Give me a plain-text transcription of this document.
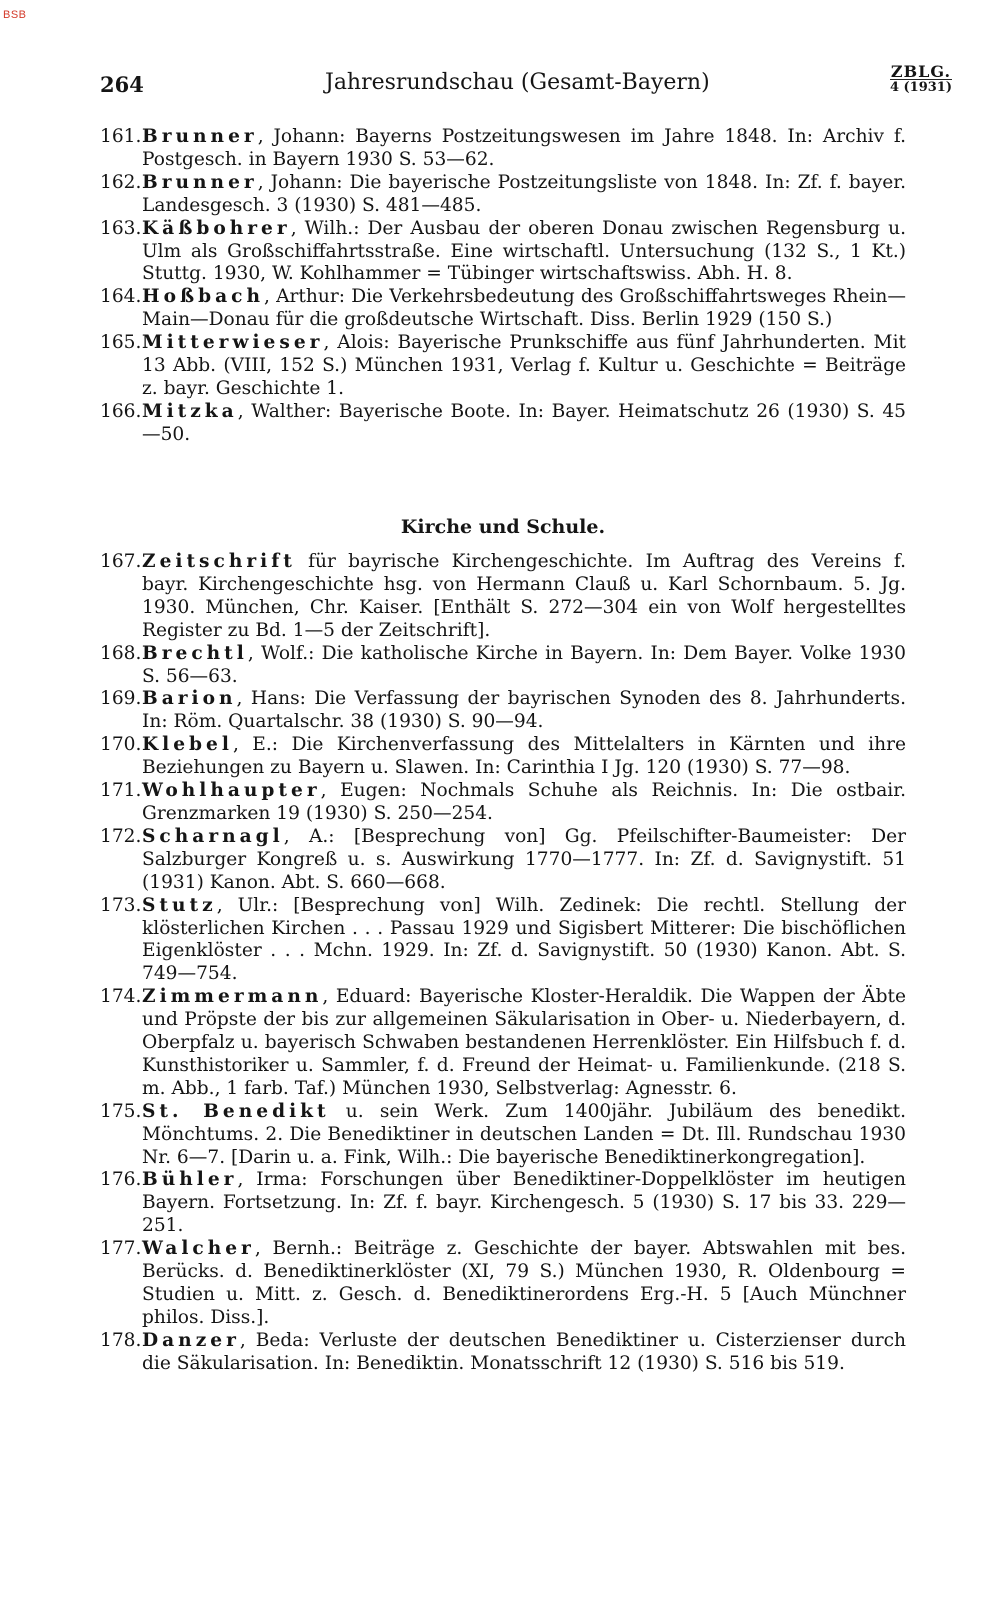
BSB
264	Jahresrundschau (Gesamt-Bayern)	ZBLG.
4 (1931)

161. Brunner, Johann: Bayerns Postzeitungswesen im Jahre 1848. In: Archiv f. Postgesch. in Bayern 1930 S. 53—62.

162. Brunner, Johann: Die bayerische Postzeitungsliste von 1848. In: Zf. f. bayer. Landesgesch. 3 (1930) S. 481—485.

163. Käßbohrer, Wilh.: Der Ausbau der oberen Donau zwischen Regensburg u. Ulm als Großschiffahrtsstraße. Eine wirtschaftl. Untersuchung (132 S., 1 Kt.) Stuttg. 1930, W. Kohlhammer = Tübinger wirtschaftswiss. Abh. H. 8.

164. Hoßbach, Arthur: Die Verkehrsbedeutung des Großschiffahrtsweges Rhein—Main—Donau für die großdeutsche Wirtschaft. Diss. Berlin 1929 (150 S.)

165. Mitterwieser, Alois: Bayerische Prunkschiffe aus fünf Jahrhunderten. Mit 13 Abb. (VIII, 152 S.) München 1931, Verlag f. Kultur u. Geschichte = Beiträge z. bayr. Geschichte 1.

166. Mitzka, Walther: Bayerische Boote. In: Bayer. Heimatschutz 26 (1930) S. 45—50.

Kirche und Schule.

167. Zeitschrift für bayrische Kirchengeschichte. Im Auftrag des Vereins f. bayr. Kirchengeschichte hsg. von Hermann Clauß u. Karl Schornbaum. 5. Jg. 1930. München, Chr. Kaiser. [Enthält S. 272—304 ein von Wolf hergestelltes Register zu Bd. 1—5 der Zeitschrift].

168. Brechtl, Wolf.: Die katholische Kirche in Bayern. In: Dem Bayer. Volke 1930 S. 56—63.

169. Barion, Hans: Die Verfassung der bayrischen Synoden des 8. Jahrhunderts. In: Röm. Quartalschr. 38 (1930) S. 90—94.

170. Klebel, E.: Die Kirchenverfassung des Mittelalters in Kärnten und ihre Beziehungen zu Bayern u. Slawen. In: Carinthia I Jg. 120 (1930) S. 77—98.

171. Wohlhaupter, Eugen: Nochmals Schuhe als Reichnis. In: Die ostbair. Grenzmarken 19 (1930) S. 250—254.

172. Scharnagl, A.: [Besprechung von] Gg. Pfeilschifter-Baumeister: Der Salzburger Kongreß u. s. Auswirkung 1770—1777. In: Zf. d. Savignystift. 51 (1931) Kanon. Abt. S. 660—668.

173. Stutz, Ulr.: [Besprechung von] Wilh. Zedinek: Die rechtl. Stellung der klösterlichen Kirchen . . . Passau 1929 und Sigisbert Mitterer: Die bischöflichen Eigenklöster . . . Mchn. 1929. In: Zf. d. Savignystift. 50 (1930) Kanon. Abt. S. 749—754.

174. Zimmermann, Eduard: Bayerische Kloster-Heraldik. Die Wappen der Äbte und Pröpste der bis zur allgemeinen Säkularisation in Ober- u. Niederbayern, d. Oberpfalz u. bayerisch Schwaben bestandenen Herrenklöster. Ein Hilfsbuch f. d. Kunsthistoriker u. Sammler, f. d. Freund der Heimat- u. Familienkunde. (218 S. m. Abb., 1 farb. Taf.) München 1930, Selbstverlag: Agnesstr. 6.

175. St. Benedikt u. sein Werk. Zum 1400jähr. Jubiläum des benedikt. Mönchtums. 2. Die Benediktiner in deutschen Landen = Dt. Ill. Rundschau 1930 Nr. 6—7. [Darin u. a. Fink, Wilh.: Die bayerische Benediktinerkongregation].

176. Bühler, Irma: Forschungen über Benediktiner-Doppelklöster im heutigen Bayern. Fortsetzung. In: Zf. f. bayr. Kirchengesch. 5 (1930) S. 17 bis 33. 229—251.

177. Walcher, Bernh.: Beiträge z. Geschichte der bayer. Abtswahlen mit bes. Berücks. d. Benediktinerklöster (XI, 79 S.) München 1930, R. Oldenbourg = Studien u. Mitt. z. Gesch. d. Benediktinerordens Erg.-H. 5 [Auch Münchner philos. Diss.].

178. Danzer, Beda: Verluste der deutschen Benediktiner u. Cisterzienser durch die Säkularisation. In: Benediktin. Monatsschrift 12 (1930) S. 516 bis 519.
